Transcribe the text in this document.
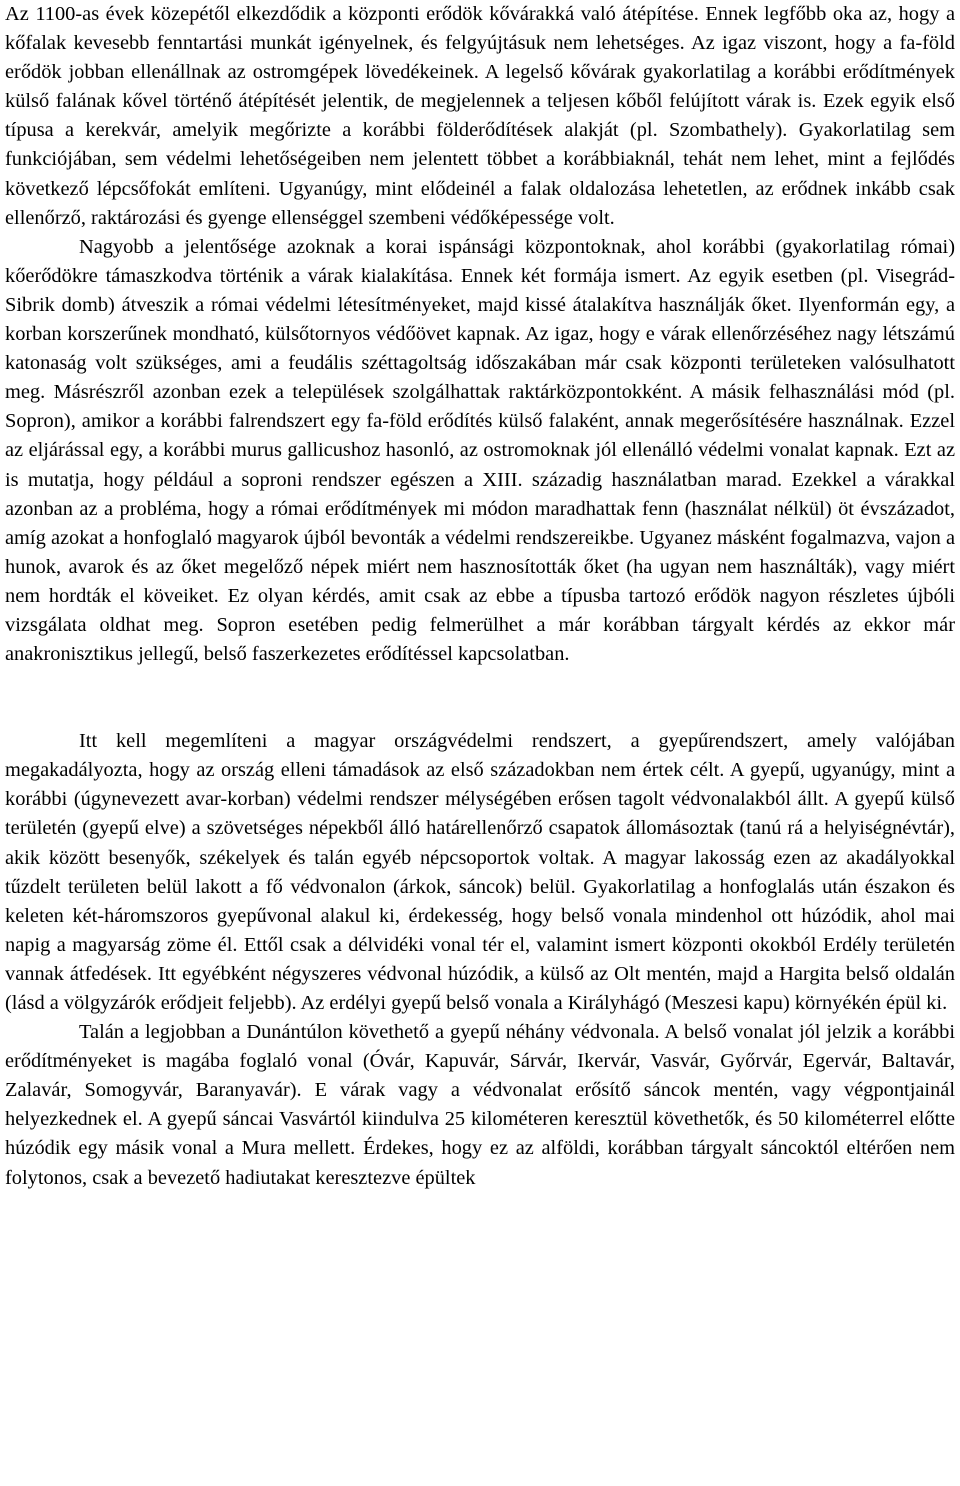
Az 1100-as évek közepétől elkezdődik a központi erődök kővárakká való átépítése. Ennek legfőbb oka az, hogy a kőfalak kevesebb fenntartási munkát igényelnek, és felgyújtásuk nem lehetséges. Az igaz viszont, hogy a fa-föld erődök jobban ellenállnak az ostromgépek lövedékeinek. A legelső kővárak gyakorlatilag a korábbi erődítmények külső falának kővel történő átépítését jelentik, de megjelennek a teljesen kőből felújított várak is. Ezek egyik első típusa a kerekvár, amelyik megőrizte a korábbi földerődítések alakját (pl. Szombathely). Gyakorlatilag sem funkciójában, sem védelmi lehetőségeiben nem jelentett többet a korábbiaknál, tehát nem lehet, mint a fejlődés következő lépcsőfokát említeni. Ugyanúgy, mint elődeinél a falak oldalozása lehetetlen, az erődnek inkább csak ellenőrző, raktározási és gyenge ellenséggel szembeni védőképessége volt.

Nagyobb a jelentősége azoknak a korai ispánsági központoknak, ahol korábbi (gyakorlatilag római) kőerődökre támaszkodva történik a várak kialakítása. Ennek két formája ismert. Az egyik esetben (pl. Visegrád-Sibrik domb) átveszik a római védelmi létesítményeket, majd kissé átalakítva használják őket. Ilyenformán egy, a korban korszerűnek mondható, külsőtornyos védőövet kapnak. Az igaz, hogy e várak ellenőrzéséhez nagy létszámú katonaság volt szükséges, ami a feudális széttagoltság időszakában már csak központi területeken valósulhatott meg. Másrészről azonban ezek a települések szolgálhattak raktárközpontokként. A másik felhasználási mód (pl. Sopron), amikor a korábbi falrendszert egy fa-föld erődítés külső falaként, annak megerősítésére használnak. Ezzel az eljárással egy, a korábbi murus gallicushoz hasonló, az ostromoknak jól ellenálló védelmi vonalat kapnak. Ezt az is mutatja, hogy például a soproni rendszer egészen a XIII. századig használatban marad. Ezekkel a várakkal azonban az a probléma, hogy a római erődítmények mi módon maradhattak fenn (használat nélkül) öt évszázadot, amíg azokat a honfoglaló magyarok újból bevonták a védelmi rendszereikbe. Ugyanez másként fogalmazva, vajon a hunok, avarok és az őket megelőző népek miért nem hasznosították őket (ha ugyan nem használták), vagy miért nem hordták el köveiket. Ez olyan kérdés, amit csak az ebbe a típusba tartozó erődök nagyon részletes újbóli vizsgálata oldhat meg. Sopron esetében pedig felmerülhet a már korábban tárgyalt kérdés az ekkor már anakronisztikus jellegű, belső faszerkezetes erődítéssel kapcsolatban.

Itt kell megemlíteni a magyar országvédelmi rendszert, a gyepűrendszert, amely valójában megakadályozta, hogy az ország elleni támadások az első századokban nem értek célt. A gyepű, ugyanúgy, mint a korábbi (úgynevezett avar-korban) védelmi rendszer mélységében erősen tagolt védvonalakból állt. A gyepű külső területén (gyepű elve) a szövetséges népekből álló határellenőrző csapatok állomásoztak (tanú rá a helyiségnévtár), akik között besenyők, székelyek és talán egyéb népcsoportok voltak. A magyar lakosság ezen az akadályokkal tűzdelt területen belül lakott a fő védvonalon (árkok, sáncok) belül. Gyakorlatilag a honfoglalás után északon és keleten két-háromszoros gyepűvonal alakul ki, érdekesség, hogy belső vonala mindenhol ott húzódik, ahol mai napig a magyarság zöme él. Ettől csak a délvidéki vonal tér el, valamint ismert központi okokból Erdély területén vannak átfedések. Itt egyébként négyszeres védvonal húzódik, a külső az Olt mentén, majd a Hargita belső oldalán (lásd a völgyzárók erődjeit feljebb). Az erdélyi gyepű belső vonala a Királyhágó (Meszesi kapu) környékén épül ki.

Talán a legjobban a Dunántúlon követhető a gyepű néhány védvonala. A belső vonalat jól jelzik a korábbi erődítményeket is magába foglaló vonal (Óvár, Kapuvár, Sárvár, Ikervár, Vasvár, Győrvár, Egervár, Baltavár, Zalavár, Somogyvár, Baranyavár). E várak vagy a védvonalat erősítő sáncok mentén, vagy végpontjainál helyezkednek el. A gyepű sáncai Vasvártól kiindulva 25 kilométeren keresztül követhetők, és 50 kilométerrel előtte húzódik egy másik vonal a Mura mellett. Érdekes, hogy ez az alföldi, korábban tárgyalt sáncoktól eltérően nem folytonos, csak a bevezető hadiutakat keresztezve épültek
